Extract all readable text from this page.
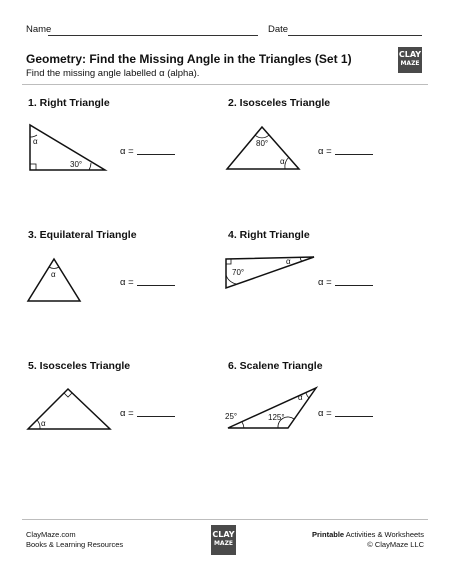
Name	Date
Geometry: Find the Missing Angle in the Triangles (Set 1)
Find the missing angle labelled α (alpha).
CLAY
MAZE
1. Right Triangle
α
30°
α =
2. Isosceles Triangle
80°
α
α =
3. Equilateral Triangle
α
α =
4. Right Triangle
α
70°
α =
5. Isosceles Triangle
α
α =
6. Scalene Triangle
25°	125°
α
α =
ClayMaze.com
Books & Learning Resources
CLAY
MAZE
Printable Activities & Worksheets
© ClayMaze LLC
